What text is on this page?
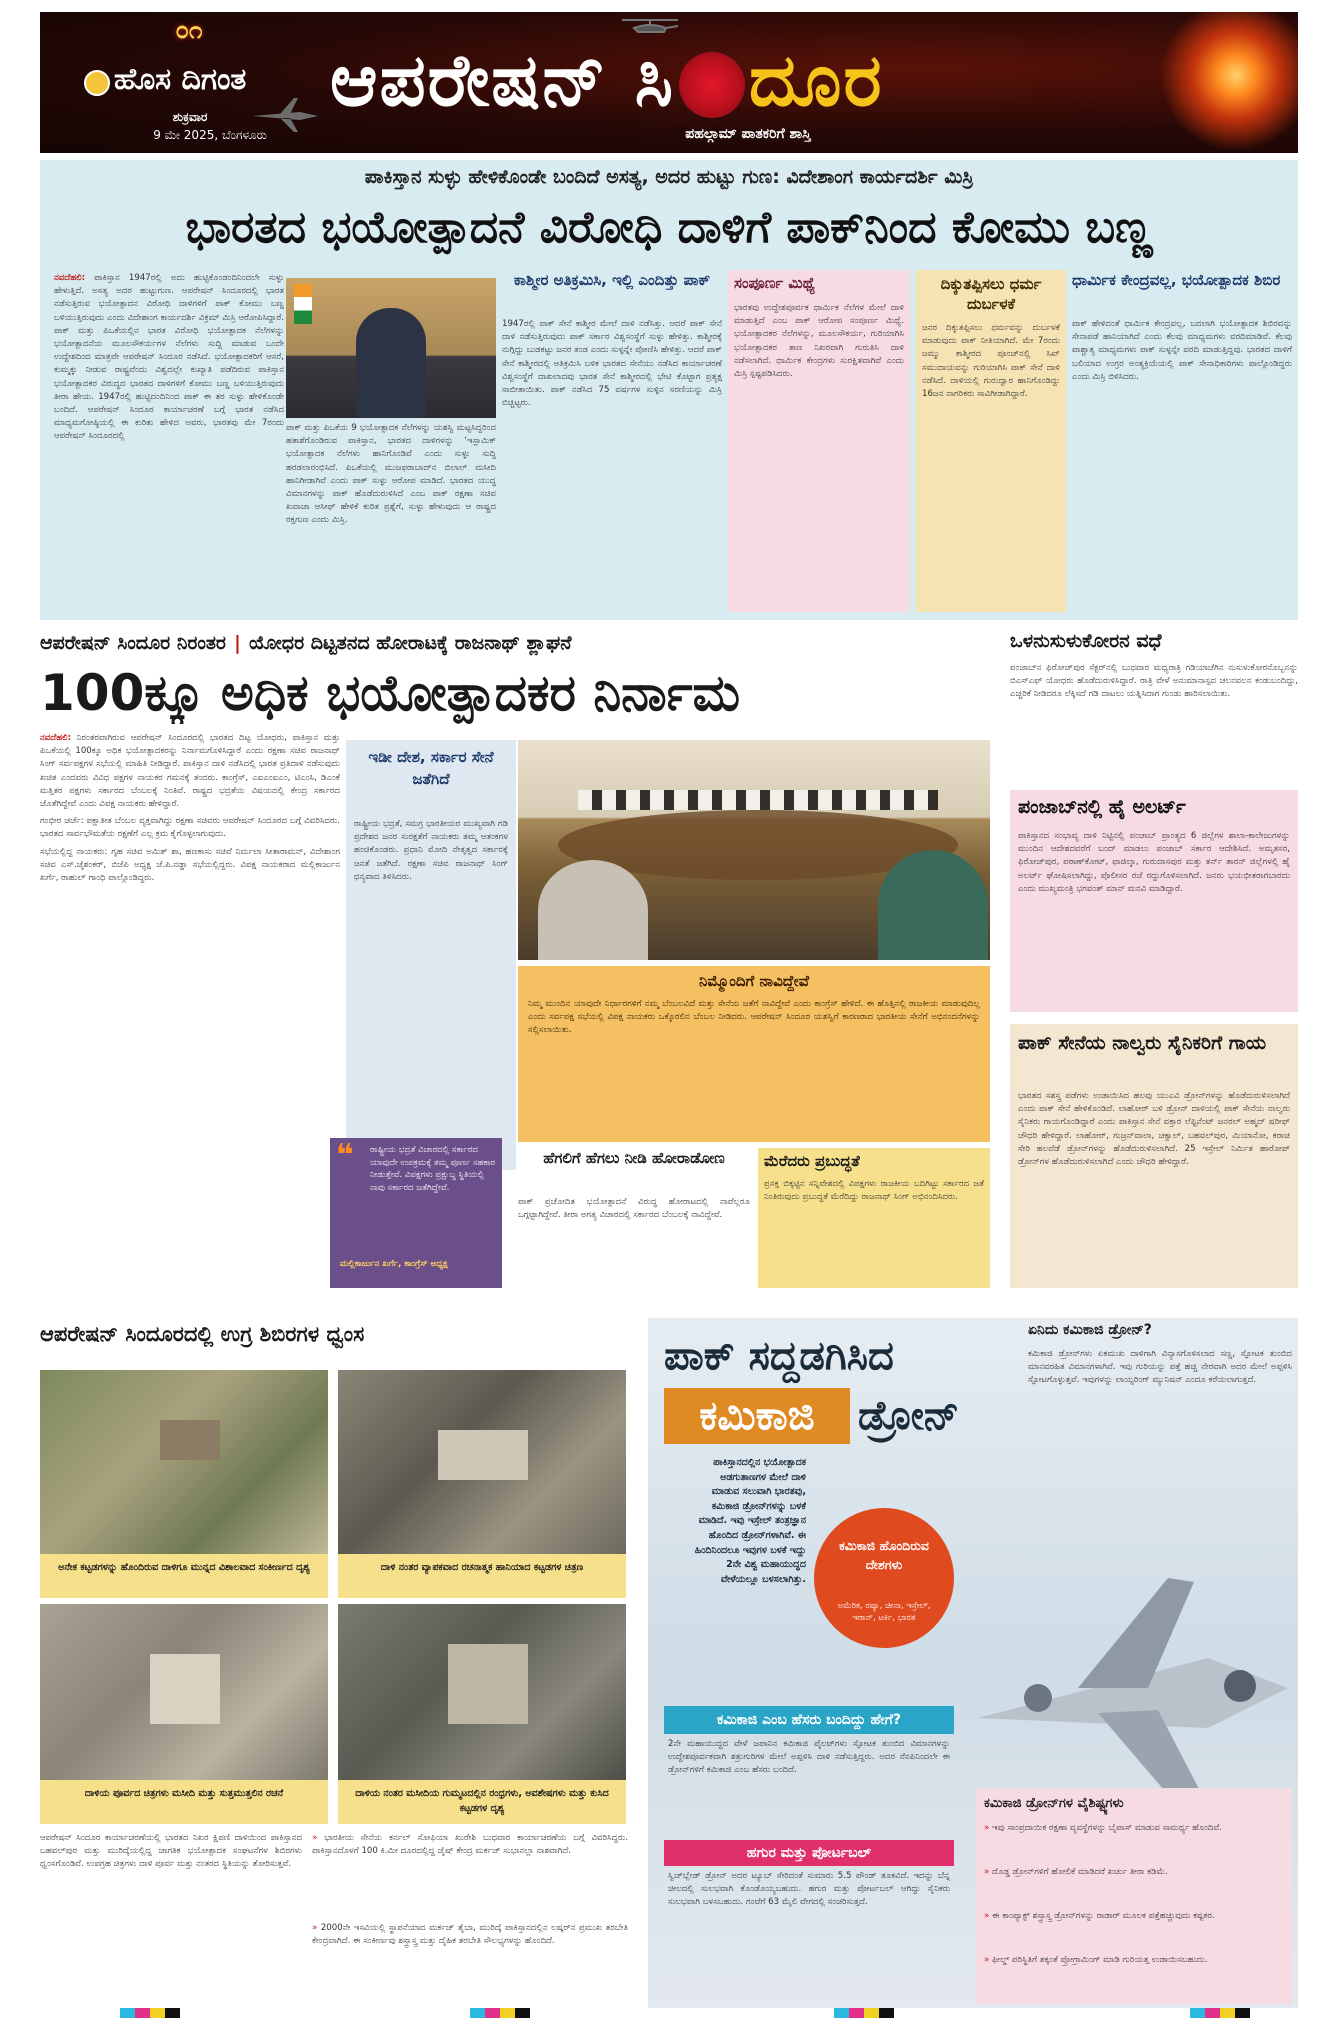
೦೧
ಹೊಸ ದಿಗಂತ
ಶುಕ್ರವಾರ
9 ಮೇ 2025, ಬೆಂಗಳೂರು
ಆಪರೇಷನ್ ಸಿ ದೂರ
ಪಹಲ್ಗಾಮ್ ಪಾತಕರಿಗೆ ಶಾಸ್ತಿ
ಪಾಕಿಸ್ತಾನ ಸುಳ್ಳು ಹೇಳಿಕೊಂಡೇ ಬಂದಿದೆ ಅಸತ್ಯ, ಅದರ ಹುಟ್ಟು ಗುಣ: ವಿದೇಶಾಂಗ ಕಾರ್ಯದರ್ಶಿ ಮಿಸ್ರಿ
ಭಾರತದ ಭಯೋತ್ಪಾದನೆ ವಿರೋಧಿ ದಾಳಿಗೆ ಪಾಕ್‌ನಿಂದ ಕೋಮು ಬಣ್ಣ
ನವದೆಹಲಿ: ಪಾಕಿಸ್ತಾನ 1947ರಲ್ಲಿ ಅದು ಹುಟ್ಟಿಕೊಂಡಂದಿನಿಂದಲೇ ಸುಳ್ಳು ಹೇಳುತ್ತಿದೆ. ಅಸತ್ಯ ಅದರ ಹುಟ್ಟುಗುಣ. ಆಪರೇಷನ್ ಸಿಂದೂರದಲ್ಲಿ ಭಾರತ ನಡೆಸುತ್ತಿರುವ ಭಯೋತ್ಪಾದನ ವಿರೋಧಿ ದಾಳಿಗಳಿಗೆ ಪಾಕ್ ಕೋಮು ಬಣ್ಣ ಬಳಿಯುತ್ತಿರುವುದು ಎಂದು ವಿದೇಶಾಂಗ ಕಾರ್ಯದರ್ಶಿ ವಿಕ್ರಮ್ ಮಿಸ್ರಿ ಆರೋಪಿಸಿದ್ದಾರೆ. ಪಾಕ್ ಮತ್ತು ಪಿಒಕೆಯಲ್ಲಿನ ಭಾರತ ವಿರೋಧಿ ಭಯೋತ್ಪಾದಕ ನೆಲೆಗಳನ್ನು ಭಯೋತ್ಪಾದನೆಯ ಮೂಲಸೌಕರ್ಯಗಳ ನೆಲೆಗಳು ಸುದ್ದಿ ಮಾಡುವ ಒಂದೇ ಉದ್ದೇಶದಿಂದ ಮಾತ್ರವೇ ಆಪರೇಷನ್ ಸಿಂದೂರ ನಡೆಸಿದೆ. ಭಯೋತ್ಪಾದಕರಿಗೆ ಆಸರೆ, ಕುಮ್ಮಕ್ಕು ನೀಡುವ ರಾಷ್ಟ್ರವೆಂದು ವಿಶ್ವದಲ್ಲೇ ಕುಖ್ಯಾತಿ ಪಡೆದಿರುವ ಪಾಕಿಸ್ತಾನ ಭಯೋತ್ಪಾದಕರ ವಿರುದ್ಧದ ಭಾರತದ ದಾಳಿಗಳಿಗೆ ಕೋಮು ಬಣ್ಣ ಬಳಿಯುತ್ತಿರುವುದು ತೀರಾ ಹೇಯ. 1947ರಲ್ಲಿ ಹುಟ್ಟಿದಂದಿನಿಂದ ಪಾಕ್ ಈ ತರ ಸುಳ್ಳು ಹೇಳಿಕೊಂಡೇ ಬಂದಿದೆ. ಆಪರೇಷನ್ ಸಿಂದೂರ ಕಾರ್ಯಾಚರಣೆ ಬಗ್ಗೆ ಭಾರತ ನಡೆಸಿದ ಮಾಧ್ಯಮಗೋಷ್ಠಿಯಲ್ಲಿ ಈ ಕುರಿತು ಹೇಳಿದ ಅವರು, ಭಾರತವು ಮೇ 7ರಂದು ಆಪರೇಷನ್ ಸಿಂದೂರದಲ್ಲಿ
ಪಾಕ್ ಮತ್ತು ಪಿಒಕೆಯ 9 ಭಯೋತ್ಪಾದಕ ನೆಲೆಗಳನ್ನು ಯಶಸ್ವಿ ಮಟ್ಟಸಿದ್ದರಿಂದ ಹತಾಶೆಗೊಂಡಿರುವ ಪಾಕಿಸ್ತಾನ, ಭಾರತದ ದಾಳಿಗಳನ್ನು 'ಇಸ್ಲಾಮಿಕ್ ಭಯೋತ್ಪಾದಕ ನೆಲೆಗಳು ಹಾನಿಗೊಂಡಿವೆ ಎಂದು ಸುಳ್ಳು ಸುದ್ದಿ ಹರಡಲಾರಂಭಿಸಿದೆ. ಪಿಒಕೆಯಲ್ಲಿ ಮುಜಫರಾಬಾದ್‌ನ ಬಿಲಾಲ್ ಮಸೀದಿ ಹಾನಿಗೀಡಾಗಿವೆ ಎಂದು ಪಾಕ್ ಸುಳ್ಳು ಆರೋಪ ಮಾಡಿದೆ. ಭಾರತದ ಯುದ್ಧ ವಿಮಾನಗಳನ್ನು ಪಾಕ್ ಹೊಡೆದುರುಳಿಸಿದೆ ಎಂಬ ಪಾಕ್ ರಕ್ಷಣಾ ಸಚಿವ ಖವಾಜಾ ಆಸೀಫ್ ಹೇಳಿಕೆ ಕುರಿತ ಪ್ರಶ್ನೆಗೆ, ಸುಳ್ಳು ಹೇಳುವುದು ಆ ರಾಷ್ಟ್ರದ ರಕ್ತಗುಣ ಎಂದು ಮಿಸ್ರಿ.
ಕಾಶ್ಮೀರ ಅತಿಕ್ರಮಿಸಿ, ಇಲ್ಲಿ ಎಂದಿತ್ತು ಪಾಕ್
1947ರಲ್ಲಿ ಪಾಕ್ ಸೇನೆ ಕಾಶ್ಮೀರ ಮೇಲೆ ದಾಳಿ ನಡೆಸಿತ್ತು. ಆದರೆ ಪಾಕ್ ಸೇನೆ ದಾಳಿ ನಡೆಸುತ್ತಿರುವುದು ಪಾಕ್ ಸರ್ಕಾರ ವಿಶ್ವಸಂಸ್ಥೆಗೆ ಸುಳ್ಳು ಹೇಳಿತ್ತು. ಕಾಶ್ಮೀರಕ್ಕೆ ನುಗ್ಗಿದ್ದು ಬುಡಕಟ್ಟು ಜನರ ತಂಡ ಎಂದು ಸುಳ್ಳನ್ನೇ ಪೋಣಿಸಿ ಹೇಳಿತ್ತು. ಆದರೆ ಪಾಕ್ ಸೇನೆ ಕಾಶ್ಮೀರದಲ್ಲಿ ಅತಿಕ್ರಮಿಸಿ ಬಳಿಕ ಭಾರತದ ಸೇನೆಯು ನಡೆಸಿದ ಕಾರ್ಯಾಚರಣೆ ವಿಶ್ವಸಂಸ್ಥೆಗೆ ದಾಖಲಾದವು ಭಾರತ ಸೇನೆ ಕಾಶ್ಮೀರದಲ್ಲಿ ಭೇಟಿ ಕೊಟ್ಟಾಗ ಪ್ರತ್ಯಕ್ಷ ಸಾಬೀತಾಯಿತು. ಪಾಕ್ ನಡೆಸಿದ 75 ವರ್ಷಗಳ ಸುಳ್ಳಿನ ಸರಣಿಯನ್ನು ಮಿಸ್ರಿ ಬಿಚ್ಚಿಟ್ಟರು.
ಸಂಪೂರ್ಣ ಮಿಥ್ಯೆ
ಭಾರತವು ಉದ್ದೇಶಪೂರ್ವಕ ಧಾರ್ಮಿಕ ನೆಲೆಗಳ ಮೇಲೆ ದಾಳಿ ಮಾಡುತ್ತಿದೆ ಎಂಬ ಪಾಕ್ ಆರೋಪ ಸಂಪೂರ್ಣ ಮಿಥ್ಯೆ. ಭಯೋತ್ಪಾದಕರ ನೆಲೆಗಳನ್ನು, ಮೂಲಸೌಕರ್ಯ, ಗುರಿಯಾಗಿಸಿ ಭಯೋತ್ಪಾದಕರ ತಾಣ ನಿಖರವಾಗಿ ಗುರುತಿಸಿ ದಾಳಿ ನಡೆಸಲಾಗಿದೆ. ಧಾರ್ಮಿಕ ಕೇಂದ್ರಗಳು ಸುರಕ್ಷಿತವಾಗಿವೆ ಎಂದು ಮಿಸ್ರಿ ಸ್ಪಷ್ಟಪಡಿಸಿದರು.
ದಿಕ್ಕುತಪ್ಪಿಸಲು ಧರ್ಮ ದುರ್ಬಳಕೆ
ಜನರ ದಿಕ್ಕುತಪ್ಪಿಸಲು ಧರ್ಮವನ್ನು ದುರ್ಬಳಕೆ ಮಾಡುವುದು ಪಾಕ್ ನೀತಿಯಾಗಿದೆ. ಮೇ 7ರಂದು ಜಮ್ಮು ಕಾಶ್ಮೀರದ ಪೂಂಚ್‌ನಲ್ಲಿ ಸಿಖ್ ಸಮುದಾಯವನ್ನು ಗುರಿಯಾಗಿಸಿ ಪಾಕ್ ಸೇನೆ ದಾಳಿ ನಡೆಸಿದೆ. ದಾಳಿಯಲ್ಲಿ ಗುರುದ್ವಾರ ಹಾನಿಗೊಂಡಿದ್ದು 16ಜನ ನಾಗರಿಕರು ಸಾವಿಗೀಡಾಗಿದ್ದಾರೆ.
ಧಾರ್ಮಿಕ ಕೇಂದ್ರವಲ್ಲ, ಭಯೋತ್ಪಾದಕ ಶಿಬಿರ
ಪಾಕ್ ಹೇಳಿದಂತೆ ಧಾರ್ಮಿಕ ಕೇಂದ್ರವಲ್ಲ, ಬದಲಾಗಿ ಭಯೋತ್ಪಾದಕ ಶಿಬಿರವನ್ನು ಸೇನಾಪಡೆ ಹಾನಿಯಾಗಿದೆ ಎಂದು ಕೆಲವು ಮಾಧ್ಯಮಗಳು ವರದಿಮಾಡಿವೆ. ಕೆಲವು ಪಾಶ್ಚಾತ್ಯ ಮಾಧ್ಯಮಗಳು ಪಾಕ್ ಸುಳ್ಳನ್ನೇ ವರದಿ ಮಾಡುತ್ತಿದ್ದವು. ಭಾರತದ ದಾಳಿಗೆ ಬಲಿಯಾದ ಉಗ್ರರ ಅಂತ್ಯಕ್ರಿಯೆಯಲ್ಲಿ ಪಾಕ್ ಸೇನಾಧಿಕಾರಿಗಳು ಪಾಲ್ಗೊಂಡಿದ್ದರು ಎಂದು ಮಿಸ್ರಿ ಬಿಳಿಸಿದರು.
ಆಪರೇಷನ್ ಸಿಂದೂರ ನಿರಂತರ | ಯೋಧರ ದಿಟ್ಟತನದ ಹೋರಾಟಕ್ಕೆ ರಾಜನಾಥ್ ಶ್ಲಾಘನೆ
100ಕ್ಕೂ ಅಧಿಕ ಭಯೋತ್ಪಾದಕರ ನಿರ್ನಾಮ
ನವದೆಹಲಿ: ನಿರಂತರವಾಗಿರುವ ಆಪರೇಷನ್ ಸಿಂದೂರದಲ್ಲಿ ಭಾರತದ ದಿಟ್ಟ ಯೋಧರು, ಪಾಕಿಸ್ತಾನ ಮತ್ತು ಪಿಒಕೆಯಲ್ಲಿ 100ಕ್ಕೂ ಅಧಿಕ ಭಯೋತ್ಪಾದಕರನ್ನು ನಿರ್ನಾಮಗೊಳಿಸಿದ್ದಾರೆ ಎಂದು ರಕ್ಷಣಾ ಸಚಿವ ರಾಜನಾಥ್ ಸಿಂಗ್ ಸರ್ವಪಕ್ಷಗಳ ಸಭೆಯಲ್ಲಿ ಮಾಹಿತಿ ನೀಡಿದ್ದಾರೆ. ಪಾಕಿಸ್ತಾನ ದಾಳಿ ನಡೆಸಿದಲ್ಲಿ ಭಾರತ ಪ್ರತಿದಾಳಿ ನಡೆಸುವುದು ಖಚಿತ ಎಂದವರು ವಿವಿಧ ಪಕ್ಷಗಳ ನಾಯಕರ ಗಮನಕ್ಕೆ ತಂದರು. ಕಾಂಗ್ರೆಸ್, ಎಐಎಂಐಎಂ, ಟಿಎಂಸಿ, ಡಿಎಂಕೆ ಮತ್ತಿತರ ಪಕ್ಷಗಳು ಸರ್ಕಾರದ ಬೆಂಬಲಕ್ಕೆ ನಿಂತಿವೆ. ರಾಷ್ಟ್ರದ ಭದ್ರತೆಯ ವಿಷಯದಲ್ಲಿ ಕೇಂದ್ರ ಸರ್ಕಾರದ ಜೊತೆಗಿದ್ದೇವೆ ಎಂದು ವಿಪಕ್ಷ ನಾಯಕರು ಹೇಳಿದ್ದಾರೆ.
ಗಂಭೀರ ಚರ್ಚೆ: ಪಕ್ಷಾತೀತ ಬೆಂಬಲ ವ್ಯಕ್ತವಾಗಿದ್ದು ರಕ್ಷಣಾ ಸಚಿವರು ಆಪರೇಷನ್ ಸಿಂದೂರದ ಬಗ್ಗೆ ವಿವರಿಸಿದರು. ಭಾರತದ ಸಾರ್ವಭೌಮತೆಯ ರಕ್ಷಣೆಗೆ ಎಲ್ಲ ಕ್ರಮ ಕೈಗೊಳ್ಳಲಾಗುವುದು.
ಸಭೆಯಲ್ಲಿದ್ದ ನಾಯಕರು: ಗೃಹ ಸಚಿವ ಅಮಿತ್ ಶಾ, ಹಣಕಾಸು ಸಚಿವೆ ನಿರ್ಮಲಾ ಸೀತಾರಾಮನ್, ವಿದೇಶಾಂಗ ಸಚಿವ ಎಸ್.ಜೈಶಂಕರ್, ಬಿಜೆಪಿ ಅಧ್ಯಕ್ಷ ಜೆ.ಪಿ.ನಡ್ಡಾ ಸಭೆಯಲ್ಲಿದ್ದರು. ವಿಪಕ್ಷ ನಾಯಕರಾದ ಮಲ್ಲಿಕಾರ್ಜುನ ಖರ್ಗೆ, ರಾಹುಲ್ ಗಾಂಧಿ ಪಾಲ್ಗೊಂಡಿದ್ದರು.
ಇಡೀ ದೇಶ, ಸರ್ಕಾರ ಸೇನೆ ಜತೆಗಿದೆ
ರಾಷ್ಟ್ರೀಯ ಭದ್ರತೆ, ಸಮಗ್ರ ಭಾರತೀಯರ ಮುಖ್ಯವಾಗಿ ಗಡಿ ಪ್ರದೇಶದ ಜನರ ಸುರಕ್ಷತೆಗೆ ನಾಯಕರು ತಮ್ಮ ಆತಂಕಗಳ ಹಂಚಿಕೊಂಡರು. ಪ್ರಧಾನಿ ಮೋದಿ ನೇತೃತ್ವದ ಸರ್ಕಾರಕ್ಕೆ ಜನತೆ ಜತೆಗಿದೆ. ರಕ್ಷಣಾ ಸಚಿವ ರಾಜನಾಥ್ ಸಿಂಗ್ ಧನ್ಯವಾದ ತಿಳಿಸಿದರು.
❝	ರಾಷ್ಟ್ರೀಯ ಭದ್ರತೆ ವಿಚಾರದಲ್ಲಿ ಸರ್ಕಾರದ ಯಾವುದೇ ಉಪಕ್ರಮಕ್ಕೆ ತಮ್ಮ ಪೂರ್ಣ ಸಹಕಾರ ನೀಡುತ್ತೇವೆ. ವಿಪಕ್ಷಗಳು ಪ್ರಕ್ಷುಬ್ಧ ಸ್ಥಿತಿಯಲ್ಲಿ ನಾವು ಸರ್ಕಾರದ ಜತೆಗಿದ್ದೇವೆ.
ಮಲ್ಲಿಕಾರ್ಜುನ ಖರ್ಗೆ, ಕಾಂಗ್ರೆಸ್ ಅಧ್ಯಕ್ಷ
ನಿಮ್ಮೊಂದಿಗೆ ನಾವಿದ್ದೇವೆ
ನಿಮ್ಮ ಮುಂದಿನ ಯಾವುದೇ ನಿರ್ಧಾರಗಳಿಗೆ ನಮ್ಮ ಬೆಂಬಲವಿದೆ ಮತ್ತು ಸೇನೆಯ ಜತೆಗೆ ನಾವಿದ್ದೇವೆ ಎಂದು ಕಾಂಗ್ರೆಸ್ ಹೇಳಿದೆ. ಈ ಹೊತ್ತಿನಲ್ಲಿ ರಾಜಕೀಯ ಮಾಡುವುದಿಲ್ಲ ಎಂದು ಸರ್ವಪಕ್ಷ ಸಭೆಯಲ್ಲಿ ವಿಪಕ್ಷ ನಾಯಕರು ಒಕ್ಕೊರಲಿನ ಬೆಂಬಲ ನೀಡಿದರು. ಆಪರೇಷನ್ ಸಿಂದೂರ ಯಶಸ್ವಿಗೆ ಕಾರಣರಾದ ಭಾರತೀಯ ಸೇನೆಗೆ ಅಭಿನಂದನೆಗಳನ್ನು ಸಲ್ಲಿಸಲಾಯಿತು.
ಹೆಗಲಿಗೆ ಹೆಗಲು ನೀಡಿ ಹೋರಾಡೋಣ
ಪಾಕ್ ಪ್ರಚೋದಿತ ಭಯೋತ್ಪಾದನೆ ವಿರುದ್ಧ ಹೋರಾಟದಲ್ಲಿ ನಾವೆಲ್ಲರೂ ಒಗ್ಗಟ್ಟಾಗಿದ್ದೇವೆ. ತೀರಾ ಅಗತ್ಯ ವಿಚಾರದಲ್ಲಿ ಸರ್ಕಾರದ ಬೆಂಬಲಕ್ಕೆ ನಾವಿದ್ದೇವೆ.
ಮೆರೆದರು ಪ್ರಬುದ್ಧತೆ
ಪ್ರಸಕ್ತ ಬಿಕ್ಕಟ್ಟಿನ ಸನ್ನಿವೇಶದಲ್ಲಿ ವಿಪಕ್ಷಗಳು ರಾಜಕೀಯ ಬದಿಗಿಟ್ಟು ಸರ್ಕಾರದ ಜತೆ ನಿಂತಿರುವುದು ಪ್ರಬುದ್ಧತೆ ಮೆರೆದಿದ್ದು ರಾಜನಾಥ್ ಸಿಂಗ್ ಅಭಿನಂದಿಸಿದರು.
ಒಳನುಸುಳುಕೋರನ ವಧೆ
ಪಂಜಾಬ್‌ನ ಫಿರೋಜ್‌ಪುರ ಸೆಕ್ಟರ್‌ನಲ್ಲಿ ಬುಧವಾರ ಮಧ್ಯರಾತ್ರಿ ಗಡಿಯಾಚೆಗಿನ ನುಸುಳುಕೋರನೊಬ್ಬನನ್ನು ಬಿಎಸ್‌ಎಫ್ ಯೋಧರು ಹೊಡೆದುರುಳಿಸಿದ್ದಾರೆ. ರಾತ್ರಿ ವೇಳೆ ಅನುಮಾನಾಸ್ಪದ ಚಲನವಲನ ಕಂಡುಬಂದಿದ್ದು, ಎಚ್ಚರಿಕೆ ನೀಡಿದರೂ ಲೆಕ್ಕಿಸದೆ ಗಡಿ ದಾಟಲು ಯತ್ನಿಸಿದಾಗ ಗುಂಡು ಹಾರಿಸಲಾಯಿತು.
ಪಂಜಾಬ್‌ನಲ್ಲಿ ಹೈ ಅಲರ್ಟ್
ಪಾಕಿಸ್ತಾನದ ಸಂಭಾವ್ಯ ದಾಳಿ ನಿಟ್ಟಿನಲ್ಲಿ ಪಂಜಾಬ್ ಪ್ರಾಂತ್ಯದ 6 ಜಿಲ್ಲೆಗಳ ಶಾಲಾ-ಕಾಲೇಜುಗಳನ್ನು ಮುಂದಿನ ಆದೇಶದವರೆಗೆ ಬಂದ್ ಮಾಡಲು ಪಂಜಾಬ್ ಸರ್ಕಾರ ಆದೇಶಿಸಿದೆ. ಅಮೃತಸರ, ಫಿರೋಜ್‌ಪುರ, ಪಠಾಣ್‌ಕೋಟ್, ಫಾಜಿಲ್ಕಾ, ಗುರುದಾಸಪುರ ಮತ್ತು ತರ್ನ್ ತಾರನ್ ಜಿಲ್ಲೆಗಳಲ್ಲಿ ಹೈ ಅಲರ್ಟ್ ಘೋಷಿಸಲಾಗಿದ್ದು, ಪೊಲೀಸರ ರಜೆ ರದ್ದುಗೊಳಿಸಲಾಗಿದೆ. ಜನರು ಭಯಭೀತರಾಗಬಾರದು ಎಂದು ಮುಖ್ಯಮಂತ್ರಿ ಭಗವಂತ್ ಮಾನ್ ಮನವಿ ಮಾಡಿದ್ದಾರೆ.
ಪಾಕ್ ಸೇನೆಯ ನಾಲ್ವರು ಸೈನಿಕರಿಗೆ ಗಾಯ
ಭಾರತದ ಸಶಸ್ತ್ರ ಪಡೆಗಳು ಉಡಾಯಿಸಿದ ಹಲವು ಯುಎವಿ ಡ್ರೋನ್‌ಗಳನ್ನು ಹೊಡೆದುರುಳಿಸಲಾಗಿದೆ ಎಂದು ಪಾಕ್ ಸೇನೆ ಹೇಳಿಕೊಂಡಿದೆ. ಲಾಹೋರ್ ಬಳಿ ಡ್ರೋನ್ ದಾಳಿಯಲ್ಲಿ ಪಾಕ್ ಸೇನೆಯ ನಾಲ್ವರು ಸೈನಿಕರು ಗಾಯಗೊಂಡಿದ್ದಾರೆ ಎಂದು ಪಾಕಿಸ್ತಾನ ಸೇನೆ ವಕ್ತಾರ ಲೆಫ್ಟಿನೆಂಟ್ ಜನರಲ್ ಅಹ್ಮದ್ ಷರೀಫ್ ಚೌಧರಿ ಹೇಳಿದ್ದಾರೆ. ಲಾಹೋರ್, ಗುಜ್ರನ್‌ವಾಲಾ, ಚಕ್ವಾಲ್, ಬಹವಲ್‌ಪುರ, ಮಿಯಾನೋ, ಕರಾಚಿ ಸೇರಿ ಹಲವೆಡೆ ಡ್ರೋನ್‌ಗಳನ್ನು ಹೊಡೆದುರುಳಿಸಲಾಗಿದೆ. 25 ಇಸ್ರೇಲ್ ನಿರ್ಮಿತ ಹಾರೋಪ್ ಡ್ರೋನ್‌ಗಳ ಹೊಡೆದುರುಳಿಸಲಾಗಿದೆ ಎಂದು ಚೌಧರಿ ಹೇಳಿದ್ದಾರೆ.
ಆಪರೇಷನ್ ಸಿಂದೂರದಲ್ಲಿ ಉಗ್ರ ಶಿಬಿರಗಳ ಧ್ವಂಸ
ಅನೇಕ ಕಟ್ಟಡಗಳನ್ನು ಹೊಂದಿರುವ ದಾಳಿಗೂ ಮುನ್ನದ ವಿಶಾಲವಾದ ಸಂಕೀರ್ಣದ ದೃಶ್ಯ	ದಾಳಿ ನಂತರ ವ್ಯಾಪಕವಾದ ರಚನಾತ್ಮಕ ಹಾನಿಯಾದ ಕಟ್ಟಡಗಳ ಚಿತ್ರಣ
ದಾಳಿಯ ಪೂರ್ವದ ಚಿತ್ರಗಳು ಮಸೀದಿ ಮತ್ತು ಸುತ್ತಮುತ್ತಲಿನ ರಚನೆ	ದಾಳಿಯ ನಂತರ ಮಸೀದಿಯ ಗುಮ್ಮಟದಲ್ಲಿನ ರಂಧ್ರಗಳು, ಅವಶೇಷಗಳು ಮತ್ತು ಕುಸಿದ ಕಟ್ಟಡಗಳ ದೃಶ್ಯ
ಆಪರೇಷನ್ ಸಿಂದೂರ ಕಾರ್ಯಾಚರಣೆಯಲ್ಲಿ ಭಾರತದ ನಿಖರ ಕ್ಷಿಪಣಿ ದಾಳಿಯಿಂದ ಪಾಕಿಸ್ತಾನದ ಬಹವಲ್‌ಪುರ ಮತ್ತು ಮುರಿದ್ಕೆಯಲ್ಲಿದ್ದ ಜಾಗತಿಕ ಭಯೋತ್ಪಾದಕ ಸಂಘಟನೆಗಳ ಶಿಬಿರಗಳು ಧ್ವಂಸಗೊಂಡಿವೆ. ಉಪಗ್ರಹ ಚಿತ್ರಗಳು ದಾಳಿ ಪೂರ್ವ ಮತ್ತು ನಂತರದ ಸ್ಥಿತಿಯನ್ನು ತೋರಿಸುತ್ತವೆ.
» ಭಾರತೀಯ ಸೇನೆಯ ಕರ್ನಲ್ ಸೋಫಿಯಾ ಖುರೇಶಿ ಬುಧವಾರ ಕಾರ್ಯಾಚರಣೆಯ ಬಗ್ಗೆ ವಿವರಿಸಿದ್ದರು. ಪಾಕಿಸ್ತಾನದೊಳಗೆ 100 ಕಿ.ಮೀ ದೂರದಲ್ಲಿದ್ದ ಜೈಷ್ ಕೇಂದ್ರ ಮರ್ಕಜ್ ಸುಭಾನಲ್ಲಾ ನಾಶವಾಗಿದೆ.
» 2000ನೇ ಇಸವಿಯಲ್ಲಿ ಸ್ಥಾಪನೆಯಾದ ಮರ್ಕಜ್ ತೈಬಾ, ಮುರಿದ್ಕೆ ಪಾಕಿಸ್ತಾನದಲ್ಲಿನ ಲಷ್ಕರ್‌ನ ಪ್ರಮುಖ ತರಬೇತಿ ಕೇಂದ್ರವಾಗಿದೆ. ಈ ಸಂಕೀರ್ಣವು ಶಸ್ತ್ರಾಸ್ತ್ರ ಮತ್ತು ದೈಹಿಕ ತರಬೇತಿ ಸೌಲಭ್ಯಗಳನ್ನು ಹೊಂದಿದೆ.
ಪಾಕ್ ಸದ್ದಡಗಿಸಿದ
ಕಮಿಕಾಜಿ	ಡ್ರೋನ್
ಏನಿದು ಕಮಿಕಾಜಿ ಡ್ರೋನ್?
ಕಮಿಕಾಜಿ ಡ್ರೋನ್‌ಗಳು ಏಕಮುಖ ದಾಳಿಗಾಗಿ ವಿನ್ಯಾಸಗೊಳಿಸಲಾದ ಸಣ್ಣ, ಸ್ಫೋಟಕ ತುಂಬಿದ ಮಾನವರಹಿತ ವಿಮಾನಗಳಾಗಿವೆ. ಇವು ಗುರಿಯನ್ನು ಪತ್ತೆ ಹಚ್ಚಿ ನೇರವಾಗಿ ಅದರ ಮೇಲೆ ಅಪ್ಪಳಿಸಿ ಸ್ಫೋಟಗೊಳ್ಳುತ್ತವೆ. ಇವುಗಳನ್ನು ಲಾಯ್ಟರಿಂಗ್ ಮ್ಯುನಿಷನ್ ಎಂದೂ ಕರೆಯಲಾಗುತ್ತದೆ.
ಪಾಕಿಸ್ತಾನದಲ್ಲಿನ ಭಯೋತ್ಪಾದಕ ಅಡಗುತಾಣಗಳ ಮೇಲೆ ದಾಳಿ ಮಾಡುವ ಸಲುವಾಗಿ ಭಾರತವು, ಕಮಿಕಾಜಿ ಡ್ರೋನ್‌ಗಳನ್ನು ಬಳಕೆ ಮಾಡಿದೆ. ಇವು ಇಸ್ರೇಲ್ ತಂತ್ರಜ್ಞಾನ ಹೊಂದಿದ ಡ್ರೋನ್‌ಗಳಾಗಿವೆ. ಈ ಹಿಂದಿನಿಂದಲೂ ಇವುಗಳ ಬಳಕೆ ಇದ್ದು 2ನೇ ವಿಶ್ವ ಮಹಾಯುದ್ಧದ ವೇಳೆಯಲ್ಲೂ ಬಳಸಲಾಗಿತ್ತು.
ಕಮಿಕಾಜಿ ಹೊಂದಿರುವ ದೇಶಗಳು
ಅಮೆರಿಕ, ರಷ್ಯಾ, ಚೀನಾ, ಇಸ್ರೇಲ್, ಇರಾನ್, ಟರ್ಕಿ, ಭಾರತ
ಕಮಿಕಾಜಿ ಎಂಬ ಹೆಸರು ಬಂದಿದ್ದು ಹೇಗೆ?
2ನೇ ಮಹಾಯುದ್ಧದ ವೇಳೆ ಜಪಾನಿನ ಕಮಿಕಾಜಿ ಪೈಲಟ್‌ಗಳು ಸ್ಫೋಟಕ ತುಂಬಿದ ವಿಮಾನಗಳನ್ನು ಉದ್ದೇಶಪೂರ್ವಕವಾಗಿ ಶತ್ರುಗುರಿಗಳ ಮೇಲೆ ಅಪ್ಪಳಿಸಿ ದಾಳಿ ನಡೆಸುತ್ತಿದ್ದರು. ಅದರ ನೆನಪಿನಿಂದಲೇ ಈ ಡ್ರೋನ್‌ಗಳಿಗೆ ಕಮಿಕಾಜಿ ಎಂಬ ಹೆಸರು ಬಂದಿದೆ.
ಹಗುರ ಮತ್ತು ಪೋರ್ಟಬಲ್
ಸ್ವಿಚ್‌ಬ್ಲೇಡ್ ಡ್ರೋನ್ ಅದರ ಟ್ಯೂಬ್ ಸೇರಿದಂತೆ ಸುಮಾರು 5.5 ಪೌಂಡ್ ತೂಕವಿದೆ. ಇದನ್ನು ಬೆನ್ನ ಚೀಲದಲ್ಲಿ ಸುಲಭವಾಗಿ ಕೊಂಡೊಯ್ಯಬಹುದು. ಹಗುರ ಮತ್ತು ಪೋರ್ಟಬಲ್ ಆಗಿದ್ದು ಸೈನಿಕರು ಸುಲಭವಾಗಿ ಬಳಸಬಹುದು. ಗಂಟೆಗೆ 63 ಮೈಲಿ ವೇಗದಲ್ಲಿ ಸಂಚರಿಸುತ್ತದೆ.
ಕಮಿಕಾಜಿ ಡ್ರೋನ್‌ಗಳ ವೈಶಿಷ್ಟ್ಯಗಳು
» ಇವು ಸಾಂಪ್ರದಾಯಿಕ ರಕ್ಷಣಾ ವ್ಯವಸ್ಥೆಗಳನ್ನು ಬೈಪಾಸ್ ಮಾಡುವ ಸಾಮರ್ಥ್ಯ ಹೊಂದಿವೆ.
» ದೊಡ್ಡ ಡ್ರೋನ್‌ಗಳಿಗೆ ಹೋಲಿಕೆ ಮಾಡಿದರೆ ಖರ್ಚು ತೀರಾ ಕಡಿಮೆ.
» ಈ ಕಾಂಪ್ಯಾಕ್ಟ್ ಶಸ್ತ್ರಾಸ್ತ್ರ ಡ್ರೋನ್‌ಗಳನ್ನು ರಾಡಾರ್ ಮೂಲಕ ಪತ್ತೆಹಚ್ಚುವುದು ಕಷ್ಟಕರ.
» ಫೀಲ್ಡ್ ಪರಿಸ್ಥಿತಿಗೆ ತಕ್ಕಂತೆ ಪ್ರೋಗ್ರಾಮಿಂಗ್ ಮಾಡಿ ಗುರಿಯತ್ತ ಉಡಾಯಿಸಬಹುದು.
